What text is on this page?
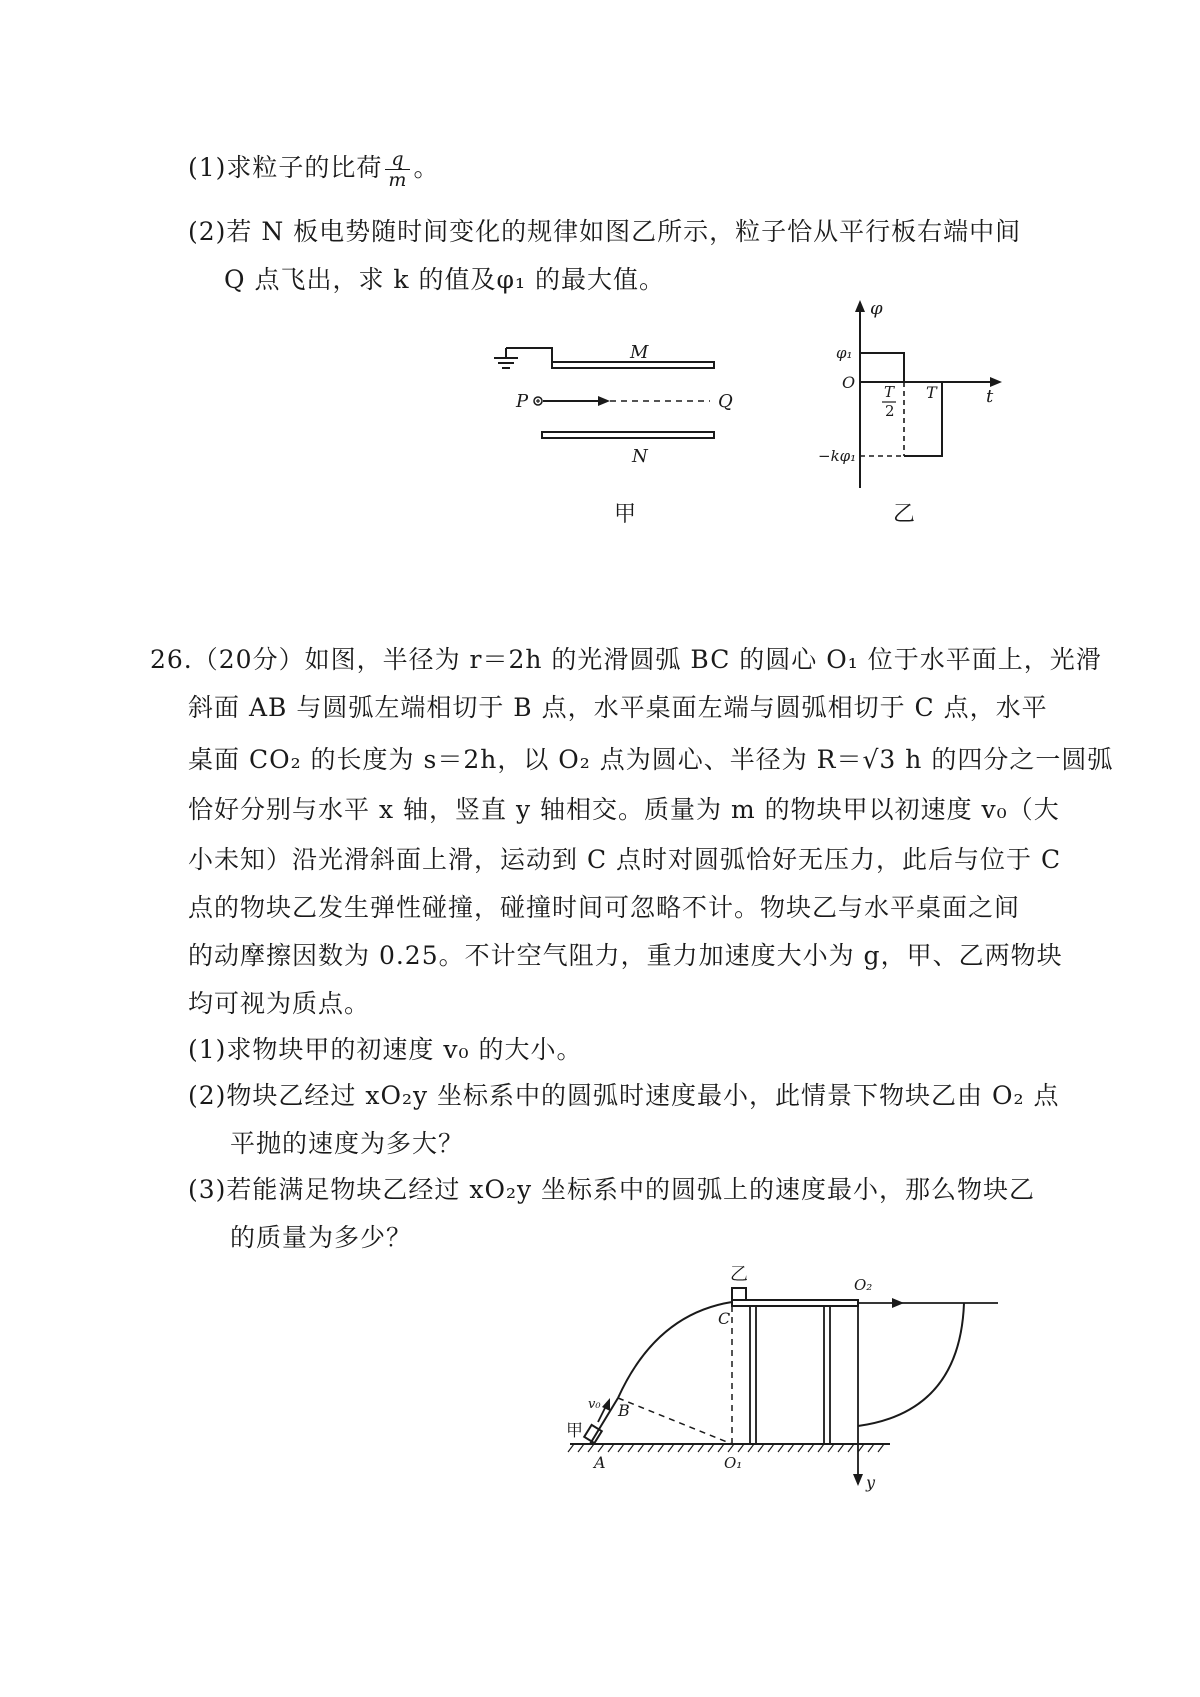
(1)求粒子的比荷 $\frac{q}{m}$ 。
(2)若 N 板电势随时间变化的规律如图乙所示，粒子恰从平行板右端中间
Q 点飞出，求 k 的值及φ₁ 的最大值。
M
N
P	Q
甲
φ
t
φ₁
O T
2
T
−kφ₁
乙
26.（20分）如图，半径为 r＝2h 的光滑圆弧 BC 的圆心 O₁ 位于水平面上，光滑
斜面 AB 与圆弧左端相切于 B 点，水平桌面左端与圆弧相切于 C 点，水平
桌面 CO₂ 的长度为 s＝2h，以 O₂ 点为圆心、半径为 R＝√3 h 的四分之一圆弧
恰好分别与水平 x 轴，竖直 y 轴相交。质量为 m 的物块甲以初速度 v₀（大
小未知）沿光滑斜面上滑，运动到 C 点时对圆弧恰好无压力，此后与位于 C
点的物块乙发生弹性碰撞，碰撞时间可忽略不计。物块乙与水平桌面之间
的动摩擦因数为 0.25。不计空气阻力，重力加速度大小为 g，甲、乙两物块
均可视为质点。
(1)求物块甲的初速度 v₀ 的大小。
(2)物块乙经过 xO₂y 坐标系中的圆弧时速度最小，此情景下物块乙由 O₂ 点
平抛的速度为多大？
(3)若能满足物块乙经过 xO₂y 坐标系中的圆弧上的速度最小，那么物块乙
的质量为多少？
乙
C
O₂
B
v₀
甲
A	O₁
y
